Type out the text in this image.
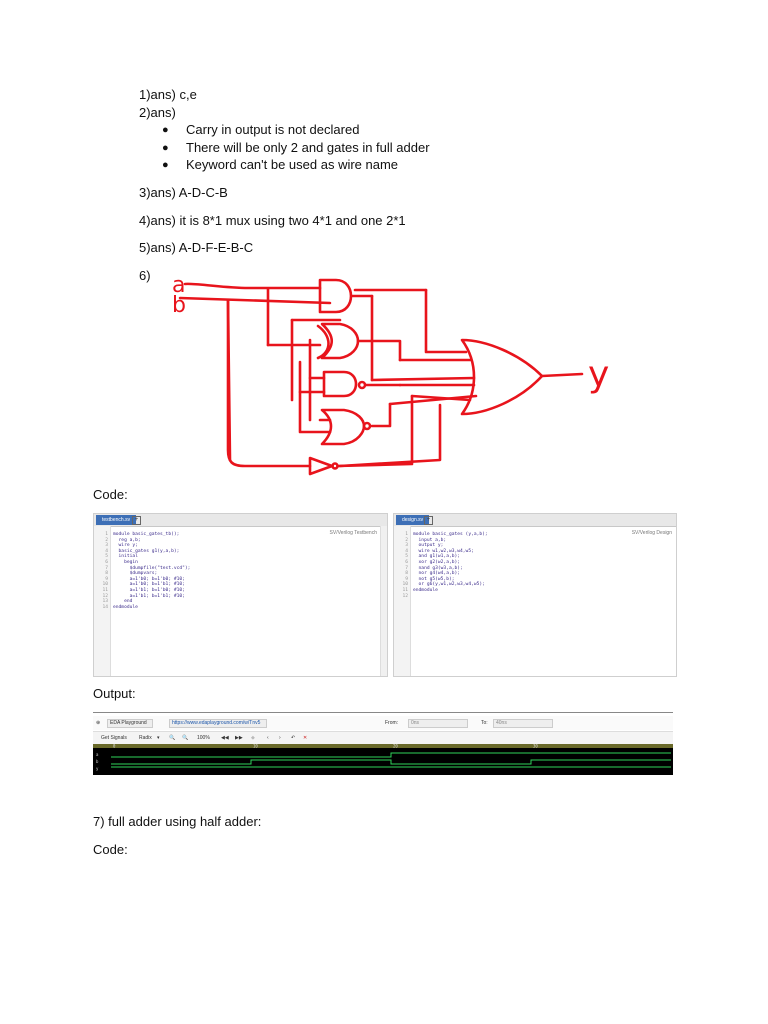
1)ans) c,e
2)ans)
● Carry in output is not declared
● There will be only 2 and gates in full adder
● Keyword can't be used as wire name
3)ans) A-D-C-B
4)ans) it is 8*1 mux using two 4*1 and one 2*1
5)ans) A-D-F-E-B-C
6) a
b
y
Code:
testbench.sv +
1
2
3
4
5
6
7
8
9
10
11
12
13
14
module basic_gates_tb();
reg a,b;
wire y;
basic_gates g1(y,a,b);
initial
begin
$dumpfile("test.vcd");
$dumpvars;
a=1'b0; b=1'b0; #10;
a=1'b0; b=1'b1; #10;
a=1'b1; b=1'b0; #10;
a=1'b1; b=1'b1; #10;
end
endmodule
SV/Verilog Testbench
design.sv +
1
2
3
4
5
6
7
8
9
10
11
12
module basic_gates (y,a,b);
input a,b;
output y;
wire w1,w2,w3,w4,w5;
and g1(w1,a,b);
xor g2(w2,a,b);
nand g3(w3,a,b);
nor g4(w4,a,b);
not g5(w5,b);
or g6(y,w1,w2,w3,w4,w5);
endmodule
SV/Verilog Design
Output:
⊕ EDA Playground	https://www.edaplayground.com/w/Tnv5	From:	0ns	To: 40ns
Get Signals Radix ▾ 🔍 🔍 100% ◀◀ ▶▶ ◆ ‹ › ↶ ✕
0	10	20	30
a
b
y
7) full adder using half adder:
Code:
